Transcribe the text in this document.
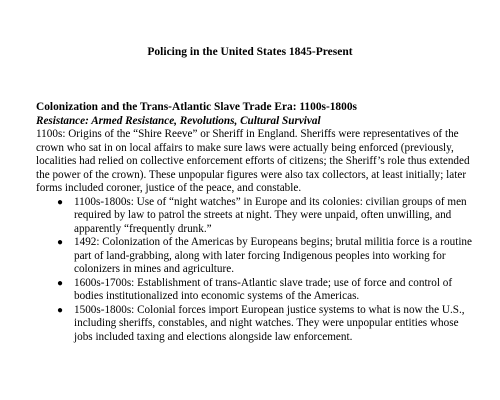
Policing in the United States 1845-Present

Colonization and the Trans-Atlantic Slave Trade Era: 1100s-1800s

Resistance: Armed Resistance, Revolutions, Cultural Survival

1100s: Origins of the “Shire Reeve” or Sheriff in England. Sheriffs were representatives of the crown who sat in on local affairs to make sure laws were actually being enforced (previously, localities had relied on collective enforcement efforts of citizens; the Sheriff’s role thus extended the power of the crown). These unpopular figures were also tax collectors, at least initially; later forms included coroner, justice of the peace, and constable.

● 1100s-1800s: Use of “night watches” in Europe and its colonies: civilian groups of men required by law to patrol the streets at night. They were unpaid, often unwilling, and apparently “frequently drunk.”
● 1492: Colonization of the Americas by Europeans begins; brutal militia force is a routine part of land-grabbing, along with later forcing Indigenous peoples into working for colonizers in mines and agriculture.
● 1600s-1700s: Establishment of trans-Atlantic slave trade; use of force and control of bodies institutionalized into economic systems of the Americas.
● 1500s-1800s: Colonial forces import European justice systems to what is now the U.S., including sheriffs, constables, and night watches. They were unpopular entities whose jobs included taxing and elections alongside law enforcement.
